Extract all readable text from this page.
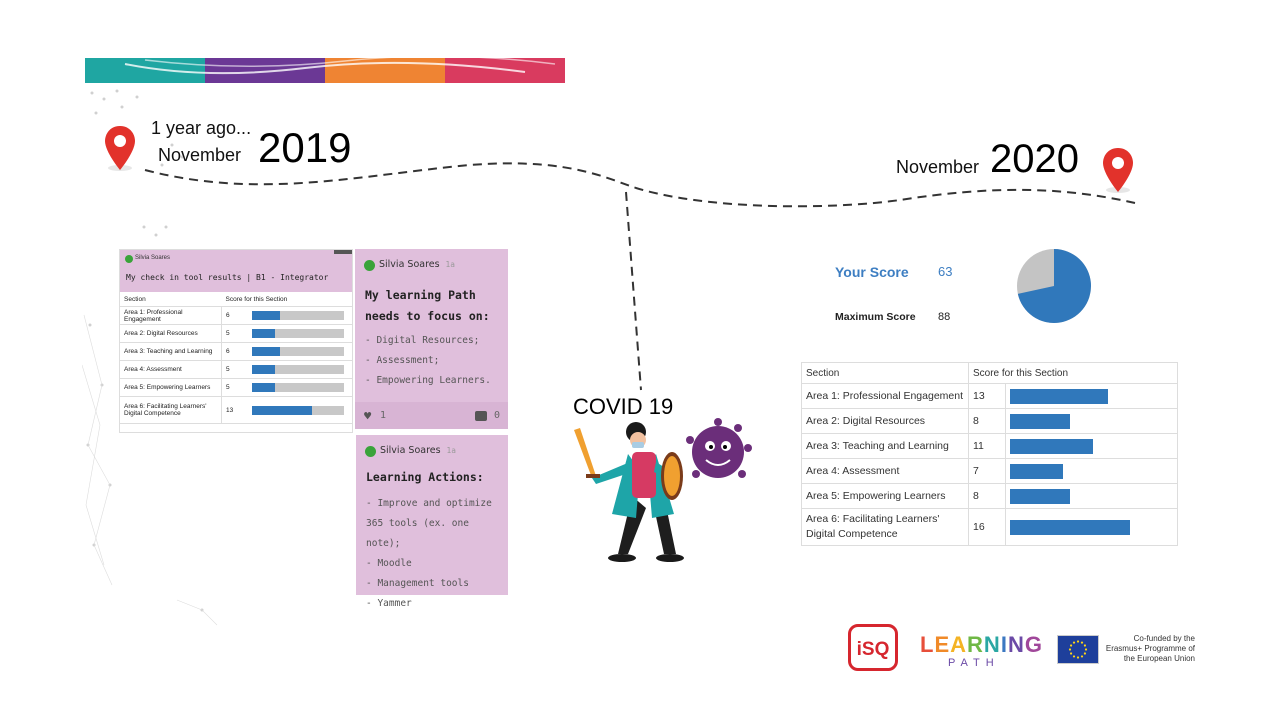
1 year ago...
November 2019	November 2020
Silvia Soares
My check in tool results | B1 - Integrator
Section	Score for this Section	
Area 1: Professional Engagement	6	

Area 2: Digital Resources	5	

Area 3: Teaching and Learning	6	

Area 4: Assessment	5	

Area 5: Empowering Learners	5	

Area 6: Facilitating Learners' Digital Competence	13	
Silvia Soares 1a
My learning Path needs to focus on:
- Digital Resources;
- Assessment;
- Empowering Learners.
♥ 1	0
Silvia Soares 1a
Learning Actions:
- Improve and optimize
365 tools (ex. one note);
- Moodle
- Management tools
- Yammer
COVID 19
Your Score 63
Maximum Score 88
Section	Score for this Section	
Area 1: Professional Engagement	13	

Area 2: Digital Resources	8	

Area 3: Teaching and Learning	11	

Area 4: Assessment	7	

Area 5: Empowering Learners	8	

Area 6: Facilitating Learners' Digital Competence	16	
iSQ	LEARNING
PATH
Co-funded by the Erasmus+ Programme of the European Union
